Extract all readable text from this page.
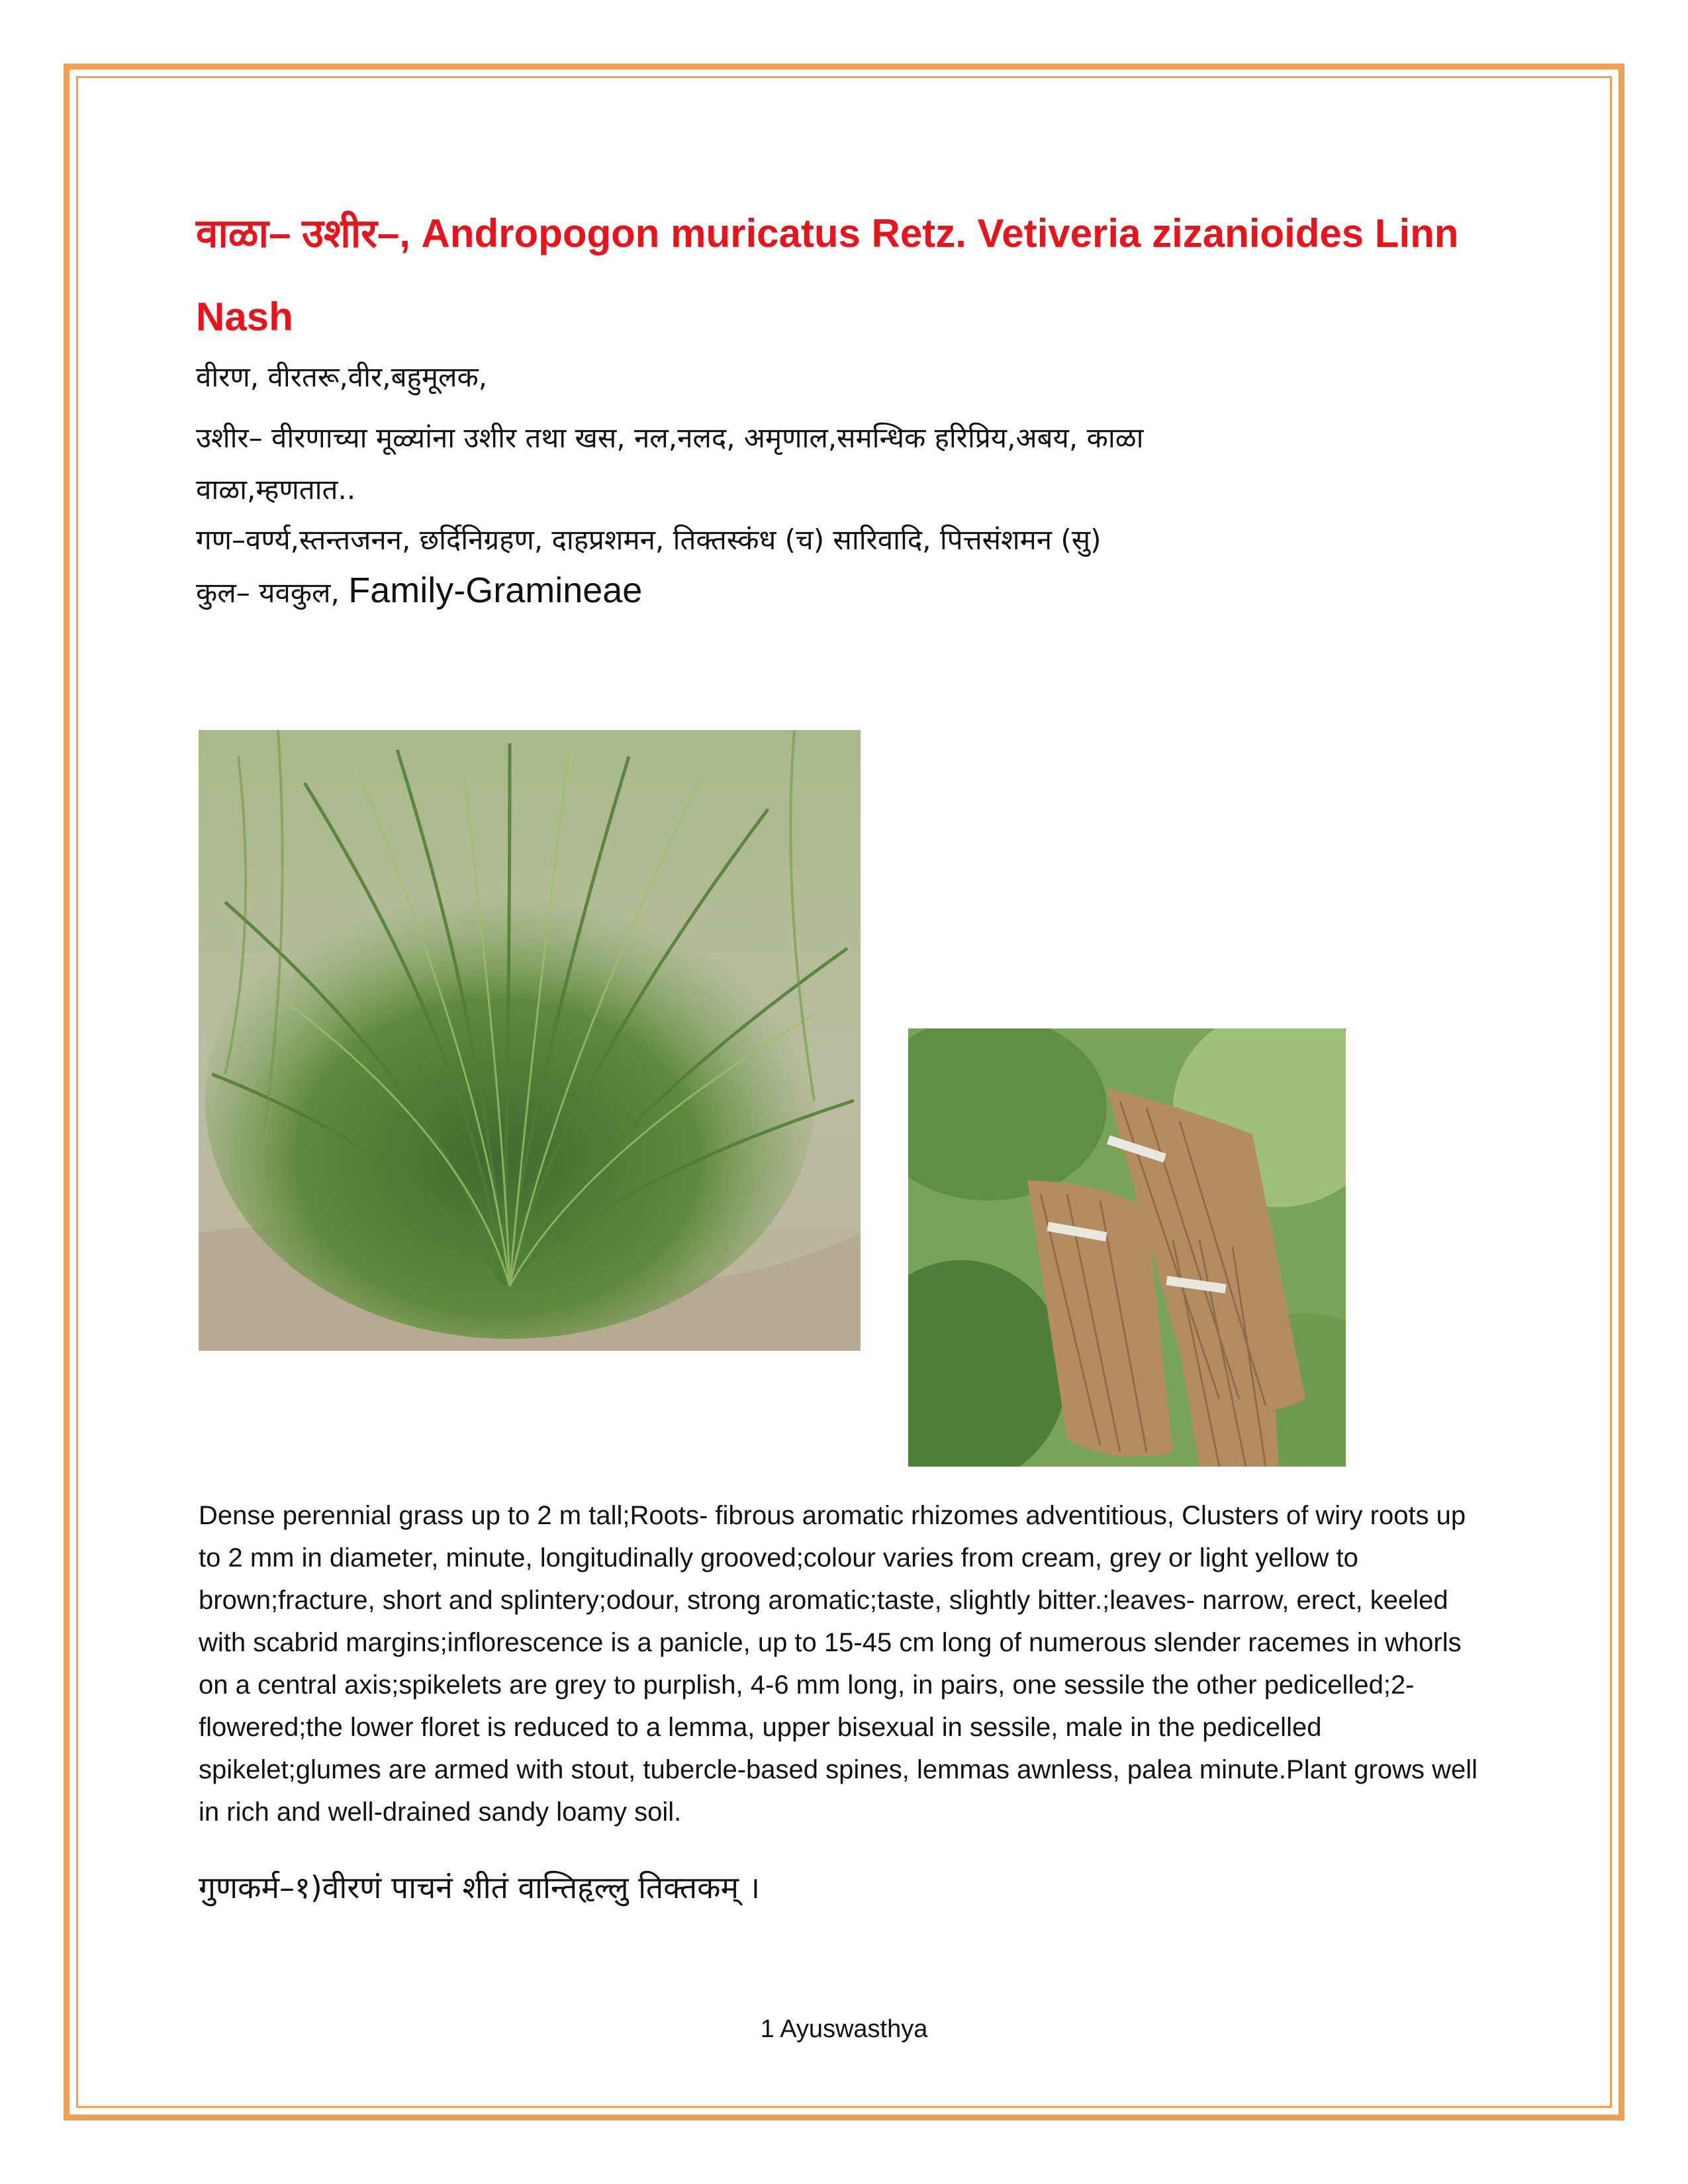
वाळा– उशीर–, Andropogon muricatus Retz. Vetiveria zizanioides Linn Nash
वीरण, वीरतरू,वीर,बहुमूलक,
उशीर– वीरणाच्या मूळ्यांना उशीर तथा खस, नल,नलद, अमृणाल,समन्धिक हरिप्रिय,अबय, काळा
वाळा,म्हणतात..
गण–वर्ण्य,स्तन्तजनन, छर्दिनिग्रहण, दाहप्रशमन, तिक्तस्कंध (च) सारिवादि, पित्तसंशमन (सु)
कुल– यवकुल, Family-Gramineae
Dense perennial grass up to 2 m tall;Roots- fibrous aromatic rhizomes adventitious, Clusters of wiry roots up to 2 mm in diameter, minute, longitudinally grooved;colour varies from cream, grey or light yellow to brown;fracture, short and splintery;odour, strong aromatic;taste, slightly bitter.;leaves- narrow, erect, keeled with scabrid margins;inflorescence is a panicle, up to 15-45 cm long of numerous slender racemes in whorls on a central axis;spikelets are grey to purplish, 4-6 mm long, in pairs, one sessile the other pedicelled;2-flowered;the lower floret is reduced to a lemma, upper bisexual in sessile, male in the pedicelled spikelet;glumes are armed with stout, tubercle-based spines, lemmas awnless, palea minute.Plant grows well in rich and well-drained sandy loamy soil.
गुणकर्म–१)वीरणं पाचनं शीतं वान्तिहृल्लु तिक्तकम् ।
1 Ayuswasthya
